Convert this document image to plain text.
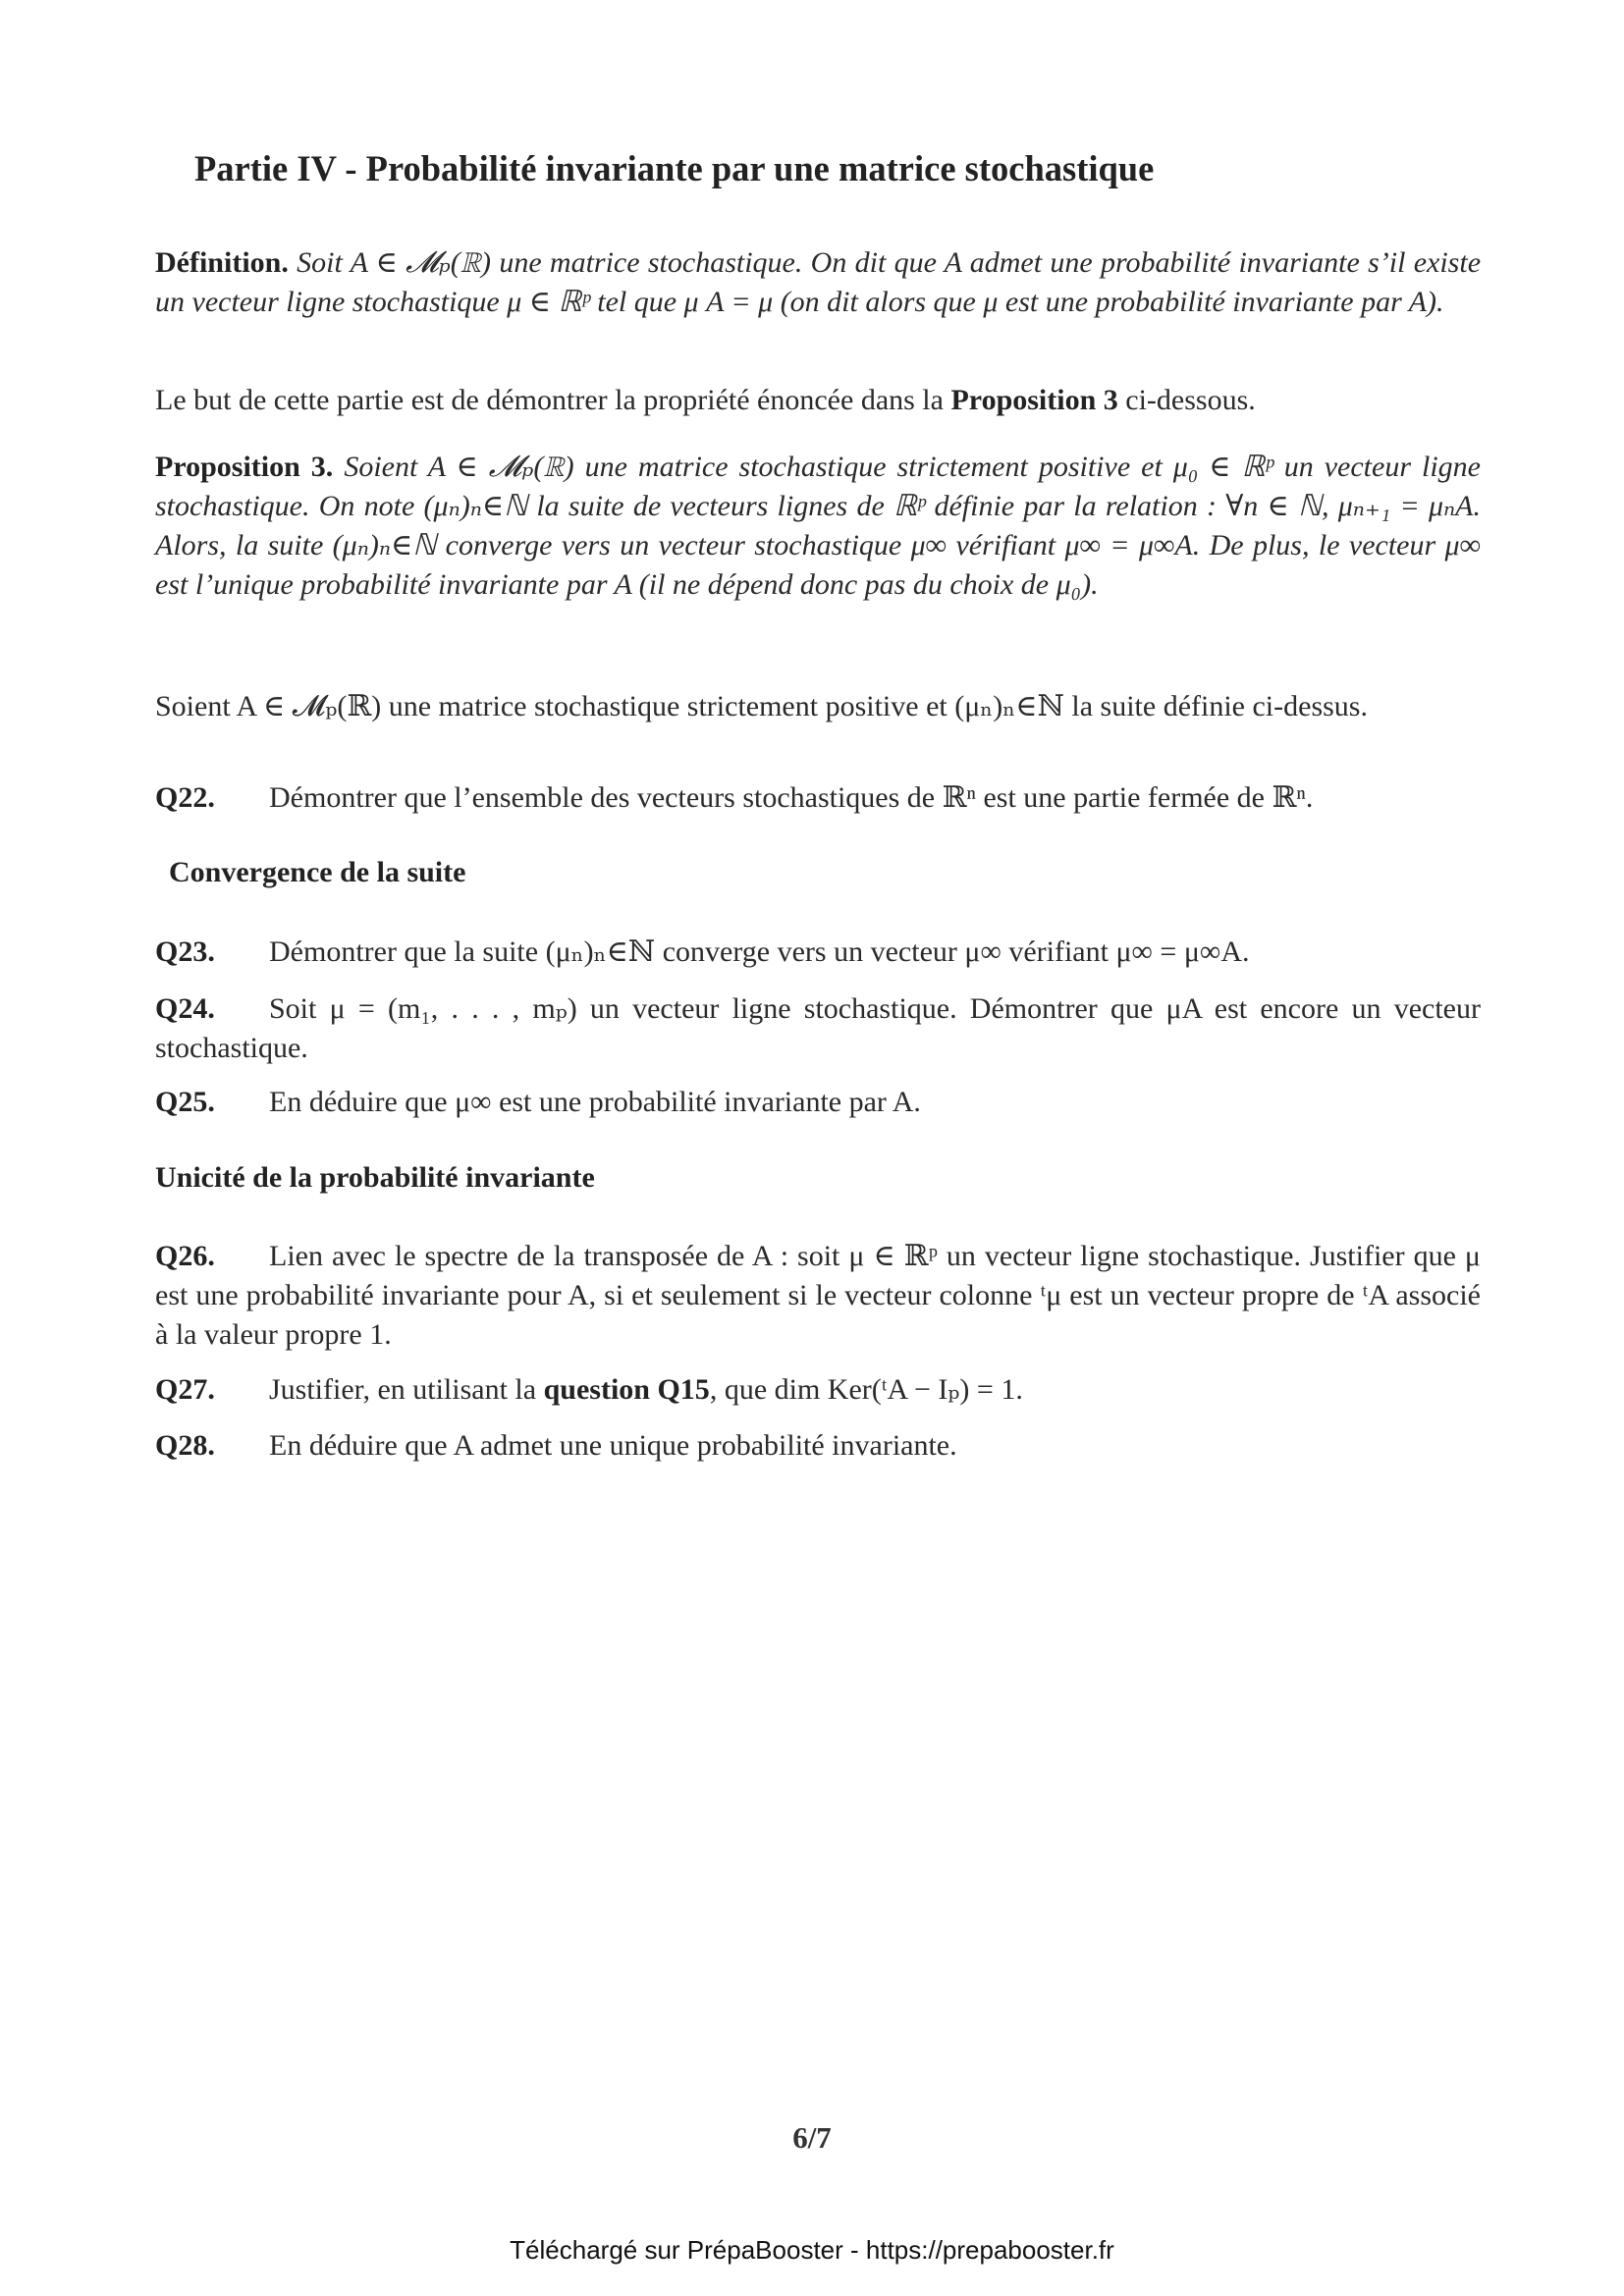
Partie IV - Probabilité invariante par une matrice stochastique
Définition. Soit A ∈ 𝓜ₚ(ℝ) une matrice stochastique. On dit que A admet une probabilité invariante s’il existe un vecteur ligne stochastique μ ∈ ℝᵖ tel que μ A = μ (on dit alors que μ est une probabilité invariante par A).
Le but de cette partie est de démontrer la propriété énoncée dans la Proposition 3 ci-dessous.
Proposition 3. Soient A ∈ 𝓜ₚ(ℝ) une matrice stochastique strictement positive et μ₀ ∈ ℝᵖ un vecteur ligne stochastique. On note (μₙ)ₙ∈ℕ la suite de vecteurs lignes de ℝᵖ définie par la relation : ∀n ∈ ℕ, μₙ₊₁ = μₙA. Alors, la suite (μₙ)ₙ∈ℕ converge vers un vecteur stochastique μ∞ vérifiant μ∞ = μ∞A. De plus, le vecteur μ∞ est l’unique probabilité invariante par A (il ne dépend donc pas du choix de μ₀).
Soient A ∈ 𝓜ₚ(ℝ) une matrice stochastique strictement positive et (μₙ)ₙ∈ℕ la suite définie ci-dessus.
Q22. Démontrer que l’ensemble des vecteurs stochastiques de ℝⁿ est une partie fermée de ℝⁿ.
Convergence de la suite
Q23. Démontrer que la suite (μₙ)ₙ∈ℕ converge vers un vecteur μ∞ vérifiant μ∞ = μ∞A.
Q24. Soit μ = (m₁, . . . , mₚ) un vecteur ligne stochastique. Démontrer que μA est encore un vecteur stochastique.
Q25. En déduire que μ∞ est une probabilité invariante par A.
Unicité de la probabilité invariante
Q26. Lien avec le spectre de la transposée de A : soit μ ∈ ℝᵖ un vecteur ligne stochastique. Justifier que μ est une probabilité invariante pour A, si et seulement si le vecteur colonne ᵗμ est un vecteur propre de ᵗA associé à la valeur propre 1.
Q27. Justifier, en utilisant la question Q15, que dim Ker(ᵗA − Iₚ) = 1.
Q28. En déduire que A admet une unique probabilité invariante.
6/7
Téléchargé sur PrépaBooster - https://prepabooster.fr
